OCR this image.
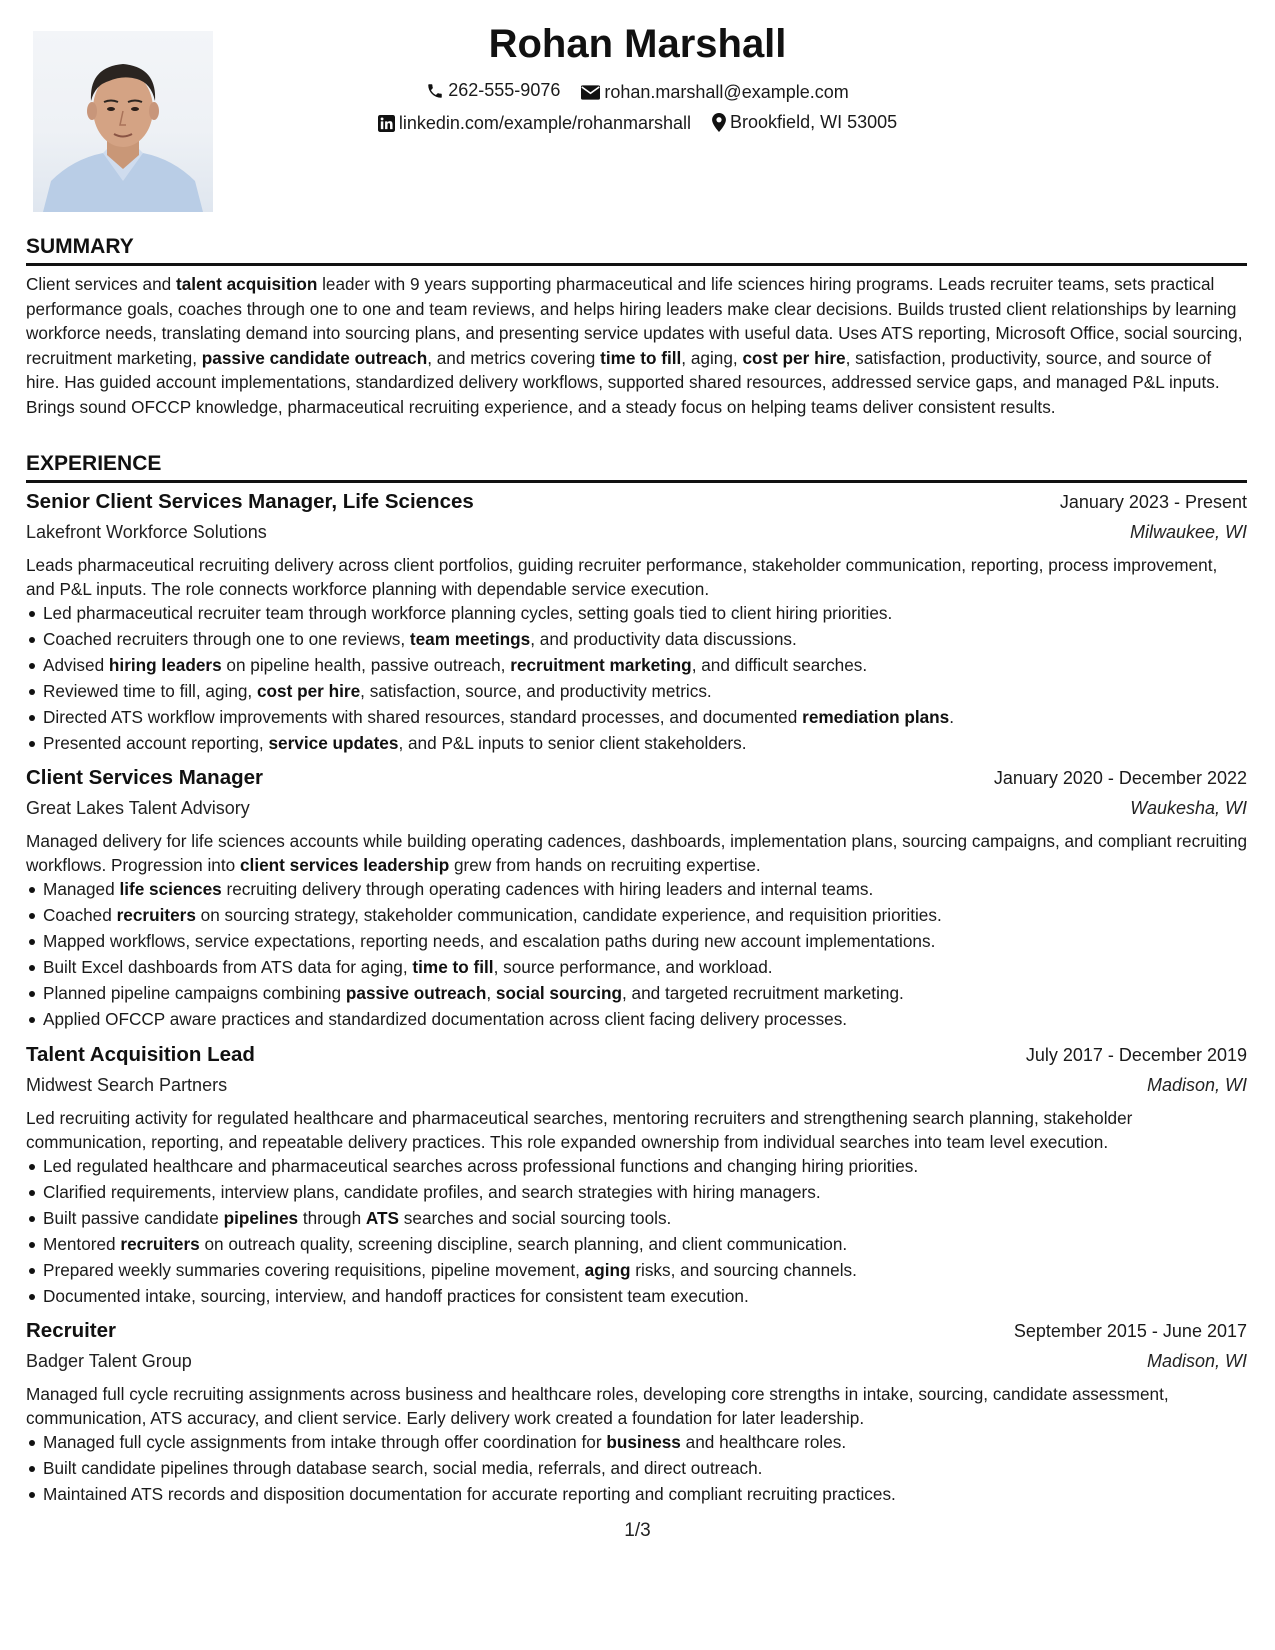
Rohan Marshall
262-555-9076
rohan.marshall@example.com
linkedin.com/example/rohanmarshall
Brookfield, WI 53005
SUMMARY
Client services and talent acquisition leader with 9 years supporting pharmaceutical and life sciences hiring programs. Leads recruiter teams, sets practical performance goals, coaches through one to one and team reviews, and helps hiring leaders make clear decisions. Builds trusted client relationships by learning workforce needs, translating demand into sourcing plans, and presenting service updates with useful data. Uses ATS reporting, Microsoft Office, social sourcing, recruitment marketing, passive candidate outreach, and metrics covering time to fill, aging, cost per hire, satisfaction, productivity, source, and source of hire. Has guided account implementations, standardized delivery workflows, supported shared resources, addressed service gaps, and managed P&L inputs. Brings sound OFCCP knowledge, pharmaceutical recruiting experience, and a steady focus on helping teams deliver consistent results.
EXPERIENCE
Senior Client Services Manager, Life Sciences	January 2023 - Present
Lakefront Workforce Solutions	Milwaukee, WI
Leads pharmaceutical recruiting delivery across client portfolios, guiding recruiter performance, stakeholder communication, reporting, process improvement, and P&L inputs. The role connects workforce planning with dependable service execution.
Led pharmaceutical recruiter team through workforce planning cycles, setting goals tied to client hiring priorities.
Coached recruiters through one to one reviews, team meetings, and productivity data discussions.
Advised hiring leaders on pipeline health, passive outreach, recruitment marketing, and difficult searches.
Reviewed time to fill, aging, cost per hire, satisfaction, source, and productivity metrics.
Directed ATS workflow improvements with shared resources, standard processes, and documented remediation plans.
Presented account reporting, service updates, and P&L inputs to senior client stakeholders.
Client Services Manager	January 2020 - December 2022
Great Lakes Talent Advisory	Waukesha, WI
Managed delivery for life sciences accounts while building operating cadences, dashboards, implementation plans, sourcing campaigns, and compliant recruiting workflows. Progression into client services leadership grew from hands on recruiting expertise.
Managed life sciences recruiting delivery through operating cadences with hiring leaders and internal teams.
Coached recruiters on sourcing strategy, stakeholder communication, candidate experience, and requisition priorities.
Mapped workflows, service expectations, reporting needs, and escalation paths during new account implementations.
Built Excel dashboards from ATS data for aging, time to fill, source performance, and workload.
Planned pipeline campaigns combining passive outreach, social sourcing, and targeted recruitment marketing.
Applied OFCCP aware practices and standardized documentation across client facing delivery processes.
Talent Acquisition Lead	July 2017 - December 2019
Midwest Search Partners	Madison, WI
Led recruiting activity for regulated healthcare and pharmaceutical searches, mentoring recruiters and strengthening search planning, stakeholder communication, reporting, and repeatable delivery practices. This role expanded ownership from individual searches into team level execution.
Led regulated healthcare and pharmaceutical searches across professional functions and changing hiring priorities.
Clarified requirements, interview plans, candidate profiles, and search strategies with hiring managers.
Built passive candidate pipelines through ATS searches and social sourcing tools.
Mentored recruiters on outreach quality, screening discipline, search planning, and client communication.
Prepared weekly summaries covering requisitions, pipeline movement, aging risks, and sourcing channels.
Documented intake, sourcing, interview, and handoff practices for consistent team execution.
Recruiter	September 2015 - June 2017
Badger Talent Group	Madison, WI
Managed full cycle recruiting assignments across business and healthcare roles, developing core strengths in intake, sourcing, candidate assessment, communication, ATS accuracy, and client service. Early delivery work created a foundation for later leadership.
Managed full cycle assignments from intake through offer coordination for business and healthcare roles.
Built candidate pipelines through database search, social media, referrals, and direct outreach.
Maintained ATS records and disposition documentation for accurate reporting and compliant recruiting practices.
1/3
